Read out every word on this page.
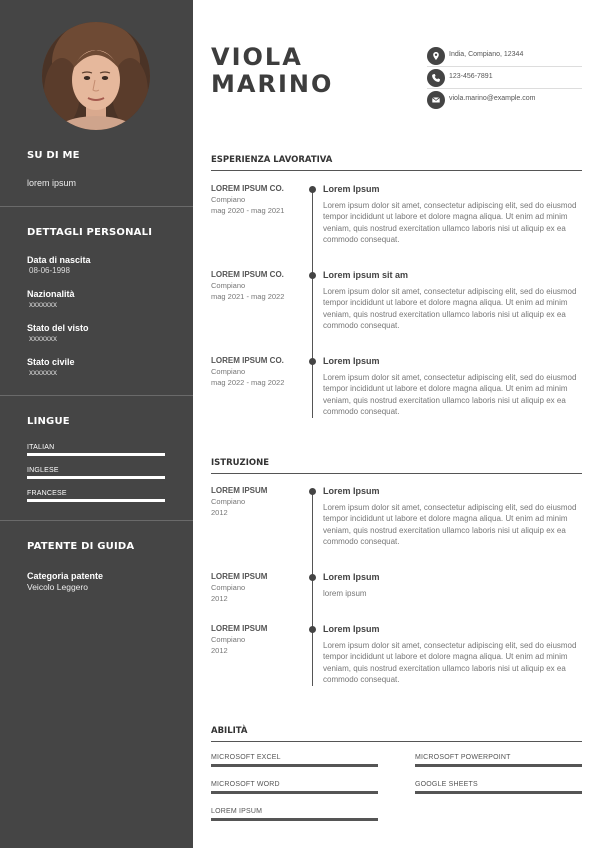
SU DI ME
lorem ipsum
DETTAGLI PERSONALI
Data di nascita
08-06-1998
Nazionalità
xxxxxxx
Stato del visto
xxxxxxx
Stato civile
xxxxxxx
LINGUE
ITALIAN
INGLESE
FRANCESE
PATENTE DI GUIDA
Categoria patente
Veicolo Leggero
VIOLA
MARINO
India, Compiano, 12344
123-456-7891
viola.marino@example.com
ESPERIENZA LAVORATIVA
LOREM IPSUM CO.
Compiano
mag 2020 - mag 2021
Lorem Ipsum
Lorem ipsum dolor sit amet, consectetur adipiscing elit, sed do eiusmod tempor incididunt ut labore et dolore magna aliqua. Ut enim ad minim veniam, quis nostrud exercitation ullamco laboris nisi ut aliquip ex ea commodo consequat.
LOREM IPSUM CO.
Compiano
mag 2021 - mag 2022
Lorem ipsum sit am
Lorem ipsum dolor sit amet, consectetur adipiscing elit, sed do eiusmod tempor incididunt ut labore et dolore magna aliqua. Ut enim ad minim veniam, quis nostrud exercitation ullamco laboris nisi ut aliquip ex ea commodo consequat.
LOREM IPSUM CO.
Compiano
mag 2022 - mag 2022
Lorem Ipsum
Lorem ipsum dolor sit amet, consectetur adipiscing elit, sed do eiusmod tempor incididunt ut labore et dolore magna aliqua. Ut enim ad minim veniam, quis nostrud exercitation ullamco laboris nisi ut aliquip ex ea commodo consequat.
ISTRUZIONE
LOREM IPSUM
Compiano
2012
Lorem Ipsum
Lorem ipsum dolor sit amet, consectetur adipiscing elit, sed do eiusmod tempor incididunt ut labore et dolore magna aliqua. Ut enim ad minim veniam, quis nostrud exercitation ullamco laboris nisi ut aliquip ex ea commodo consequat.
LOREM IPSUM
Compiano
2012
Lorem Ipsum
lorem ipsum
LOREM IPSUM
Compiano
2012
Lorem Ipsum
Lorem ipsum dolor sit amet, consectetur adipiscing elit, sed do eiusmod tempor incididunt ut labore et dolore magna aliqua. Ut enim ad minim veniam, quis nostrud exercitation ullamco laboris nisi ut aliquip ex ea commodo consequat.
ABILITÀ
MICROSOFT EXCEL	MICROSOFT POWERPOINT
MICROSOFT WORD	GOOGLE SHEETS
LOREM IPSUM
